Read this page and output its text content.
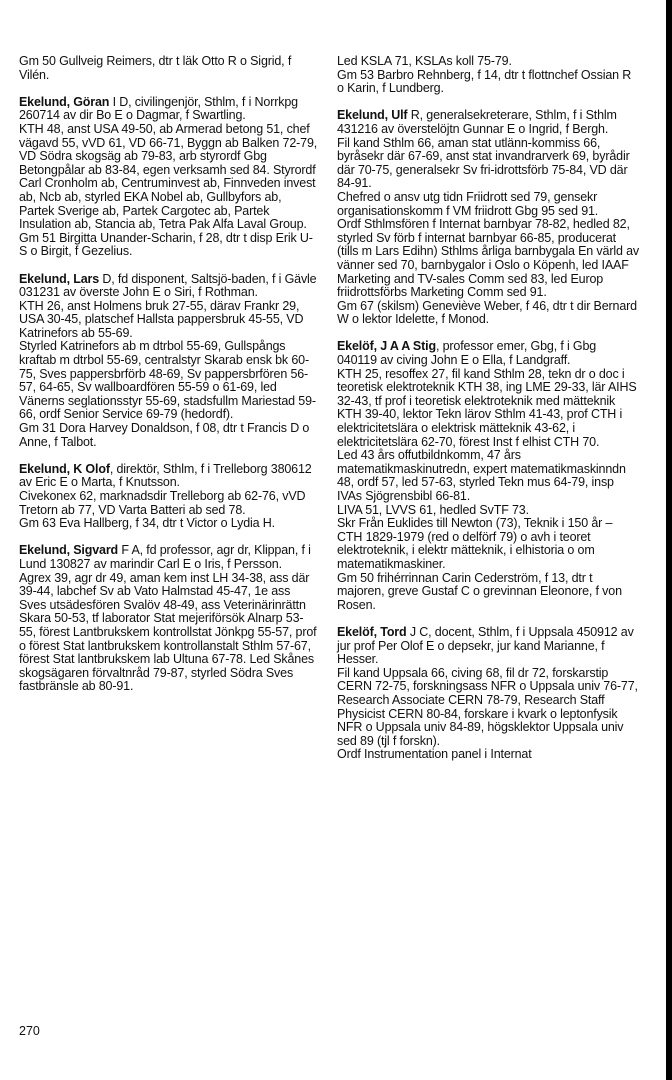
Gm 50 Gullveig Reimers, dtr t läk Otto R o Sigrid, f Vilén.

Ekelund, Göran I D, civilingenjör, Sthlm, f i Norrkpg 260714 av dir Bo E o Dagmar, f Swartling.

KTH 48, anst USA 49-50, ab Armerad betong 51, chef vägavd 55, vVD 61, VD 66-71, Byggn ab Balken 72-79, VD Södra skogsäg ab 79-83, arb styrordf Gbg Betongpålar ab 83-84, egen verksamh sed 84. Styrordf Carl Cronholm ab, Centruminvest ab, Finnveden invest ab, Ncb ab, styrled EKA Nobel ab, Gullbyfors ab, Partek Sverige ab, Partek Cargotec ab, Partek Insulation ab, Stancia ab, Tetra Pak Alfa Laval Group.

Gm 51 Birgitta Unander-Scharin, f 28, dtr t disp Erik U-S o Birgit, f Gezelius.

Ekelund, Lars D, fd disponent, Saltsjö-baden, f i Gävle 031231 av överste John E o Siri, f Rothman.

KTH 26, anst Holmens bruk 27-55, därav Frankr 29, USA 30-45, platschef Hallsta pappersbruk 45-55, VD Katrinefors ab 55-69.

Styrled Katrinefors ab m dtrbol 55-69, Gullspångs kraftab m dtrbol 55-69, centralstyr Skarab ensk bk 60-75, Sves pappersbrförb 48-69, Sv pappersbrfören 56-57, 64-65, Sv wallboardfören 55-59 o 61-69, led Vänerns seglationsstyr 55-69, stadsfullm Mariestad 59-66, ordf Senior Service 69-79 (hedordf).

Gm 31 Dora Harvey Donaldson, f 08, dtr t Francis D o Anne, f Talbot.

Ekelund, K Olof, direktör, Sthlm, f i Trelleborg 380612 av Eric E o Marta, f Knutsson.

Civekonex 62, marknadsdir Trelleborg ab 62-76, vVD Tretorn ab 77, VD Varta Batteri ab sed 78.

Gm 63 Eva Hallberg, f 34, dtr t Victor o Lydia H.

Ekelund, Sigvard F A, fd professor, agr dr, Klippan, f i Lund 130827 av marindir Carl E o Iris, f Persson.

Agrex 39, agr dr 49, aman kem inst LH 34-38, ass där 39-44, labchef Sv ab Vato Halmstad 45-47, 1e ass Sves utsädesfören Svalöv 48-49, ass Veterinärinrättn Skara 50-53, tf laborator Stat mejeriförsök Alnarp 53-55, förest Lantbrukskem kontrollstat Jönkpg 55-57, prof o förest Stat lantbrukskem kontrollanstalt Sthlm 57-67, förest Stat lantbrukskem lab Ultuna 67-78. Led Skånes skogsägaren förvaltnråd 79-87, styrled Södra Sves fastbränsle ab 80-91.

Led KSLA 71, KSLAs koll 75-79.

Gm 53 Barbro Rehnberg, f 14, dtr t flottnchef Ossian R o Karin, f Lundberg.

Ekelund, Ulf R, generalsekreterare, Sthlm, f i Sthlm 431216 av överstelöjtn Gunnar E o Ingrid, f Bergh.

Fil kand Sthlm 66, aman stat utlänn-kommiss 66, byråsekr där 67-69, anst stat invandrarverk 69, byrådir där 70-75, generalsekr Sv fri-idrottsförb 75-84, VD där 84-91.

Chefred o ansv utg tidn Friidrott sed 79, gensekr organisationskomm f VM friidrott Gbg 95 sed 91.

Ordf Sthlmsfören f Internat barnbyar 78-82, hedled 82, styrled Sv förb f internat barnbyar 66-85, producerat (tills m Lars Edihn) Sthlms årliga barnbygala En värld av vänner sed 70, barnbygalor i Oslo o Köpenh, led IAAF Marketing and TV-sales Comm sed 83, led Europ friidrottsförbs Marketing Comm sed 91.

Gm 67 (skilsm) Geneviève Weber, f 46, dtr t dir Bernard W o lektor Idelette, f Monod.

Ekelöf, J A A Stig, professor emer, Gbg, f i Gbg 040119 av civing John E o Ella, f Landgraff.

KTH 25, resoffex 27, fil kand Sthlm 28, tekn dr o doc i teoretisk elektroteknik KTH 38, ing LME 29-33, lär AIHS 32-43, tf prof i teoretisk elektroteknik med mätteknik KTH 39-40, lektor Tekn lärov Sthlm 41-43, prof CTH i elektricitetslära o elektrisk mätteknik 43-62, i elektricitetslära 62-70, förest Inst f elhist CTH 70.

Led 43 års offutbildnkomm, 47 års matematikmaskinutredn, expert matematikmaskinndn 48, ordf 57, led 57-63, styrled Tekn mus 64-79, insp IVAs Sjögrensbibl 66-81.

LIVA 51, LVVS 61, hedled SvTF 73.

Skr Från Euklides till Newton (73), Teknik i 150 år – CTH 1829-1979 (red o delförf 79) o avh i teoret elektroteknik, i elektr mätteknik, i elhistoria o om matematikmaskiner.

Gm 50 frihérrinnan Carin Cederström, f 13, dtr t majoren, greve Gustaf C o grevinnan Eleonore, f von Rosen.

Ekelöf, Tord J C, docent, Sthlm, f i Uppsala 450912 av jur prof Per Olof E o depsekr, jur kand Marianne, f Hesser.

Fil kand Uppsala 66, civing 68, fil dr 72, forskarstip CERN 72-75, forskningsass NFR o Uppsala univ 76-77, Research Associate CERN 78-79, Research Staff Physicist CERN 80-84, forskare i kvark o leptonfysik NFR o Uppsala univ 84-89, högsklektor Uppsala univ sed 89 (tjl f forskn).

Ordf Instrumentation panel i Internat

270
